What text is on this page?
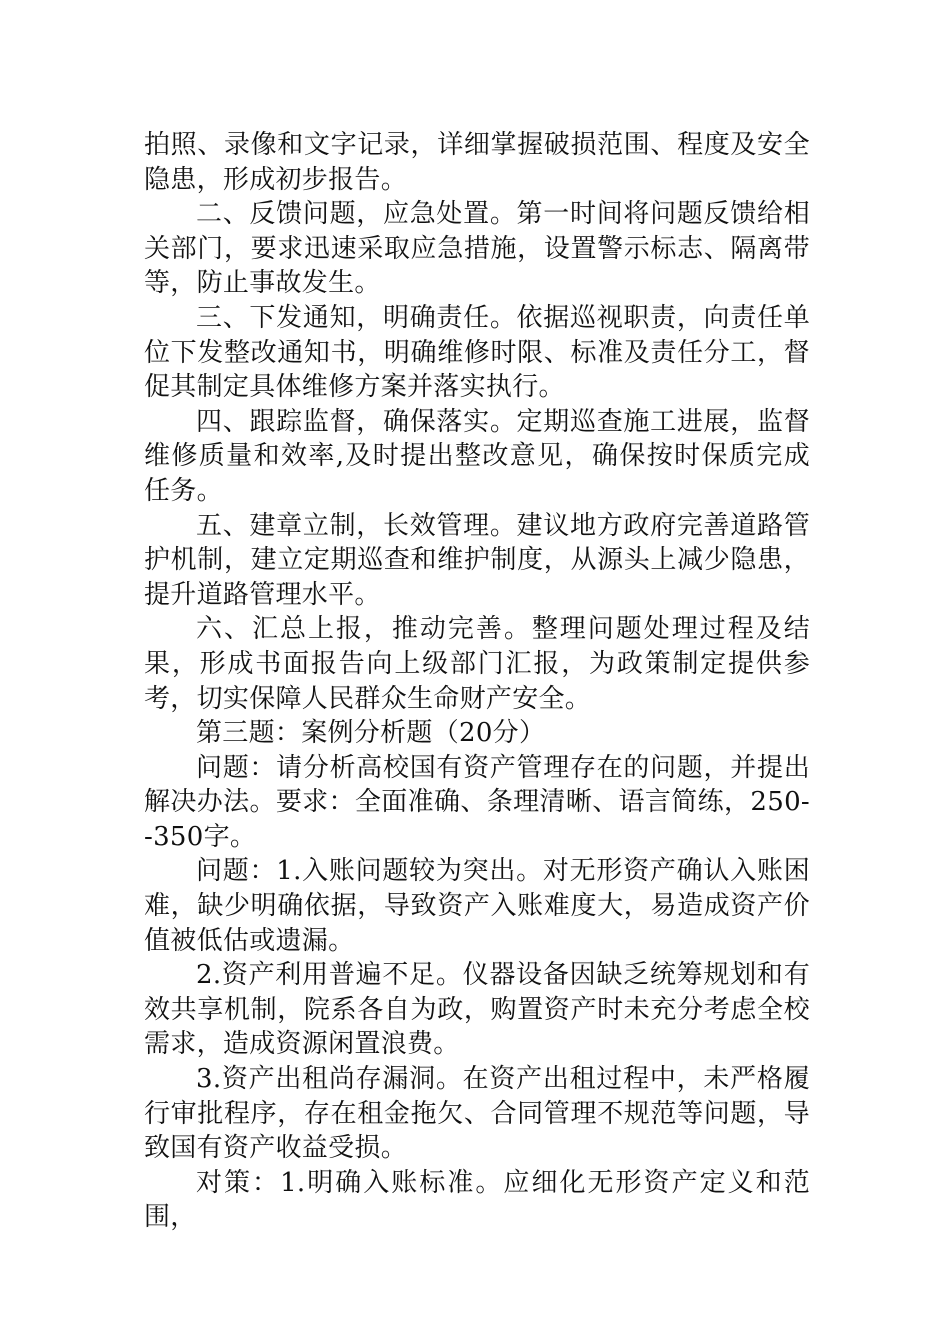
拍照、录像和文字记录，详细掌握破损范围、程度及安全隐患，形成初步报告。

二、反馈问题，应急处置。第一时间将问题反馈给相关部门，要求迅速采取应急措施，设置警示标志、隔离带等，防止事故发生。

三、下发通知，明确责任。依据巡视职责，向责任单位下发整改通知书，明确维修时限、标准及责任分工，督促其制定具体维修方案并落实执行。

四、跟踪监督，确保落实。定期巡查施工进展，监督维修质量和效率,及时提出整改意见，确保按时保质完成任务。

五、建章立制，长效管理。建议地方政府完善道路管护机制，建立定期巡查和维护制度，从源头上减少隐患，提升道路管理水平。

六、汇总上报，推动完善。整理问题处理过程及结果，形成书面报告向上级部门汇报，为政策制定提供参考，切实保障人民群众生命财产安全。

第三题：案例分析题（20分）

问题：请分析高校国有资产管理存在的问题，并提出解决办法。要求：全面准确、条理清晰、语言简练，250--350字。

问题：1.入账问题较为突出。对无形资产确认入账困难，缺少明确依据，导致资产入账难度大，易造成资产价值被低估或遗漏。

2.资产利用普遍不足。仪器设备因缺乏统筹规划和有效共享机制，院系各自为政，购置资产时未充分考虑全校需求，造成资源闲置浪费。

3.资产出租尚存漏洞。在资产出租过程中，未严格履行审批程序，存在租金拖欠、合同管理不规范等问题，导致国有资产收益受损。

对策：1.明确入账标准。应细化无形资产定义和范围，
